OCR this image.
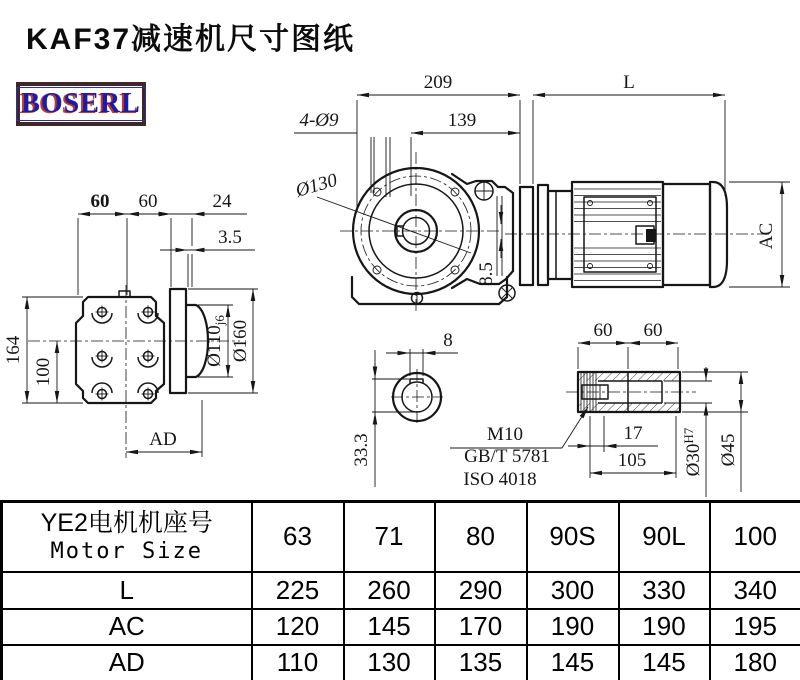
KAF37减速机尺寸图纸
BOSERL
209	L
139
4-Ø9
Ø130
8.5
AC
60 60	24
3.5
164
100
$Ø110_{j6}$ Ø160
AD
8
33.3	M10
GB/T 5781
ISO 4018
60 60
17
105 $Ø30^{H7}$	Ø45
YE2电机机座号
Motor Size	63	71	80	90S	90L	100
L	225	260	290	300	330	340
AC	120	145	170	190	190	195
AD	110	130	135	145	145	180
